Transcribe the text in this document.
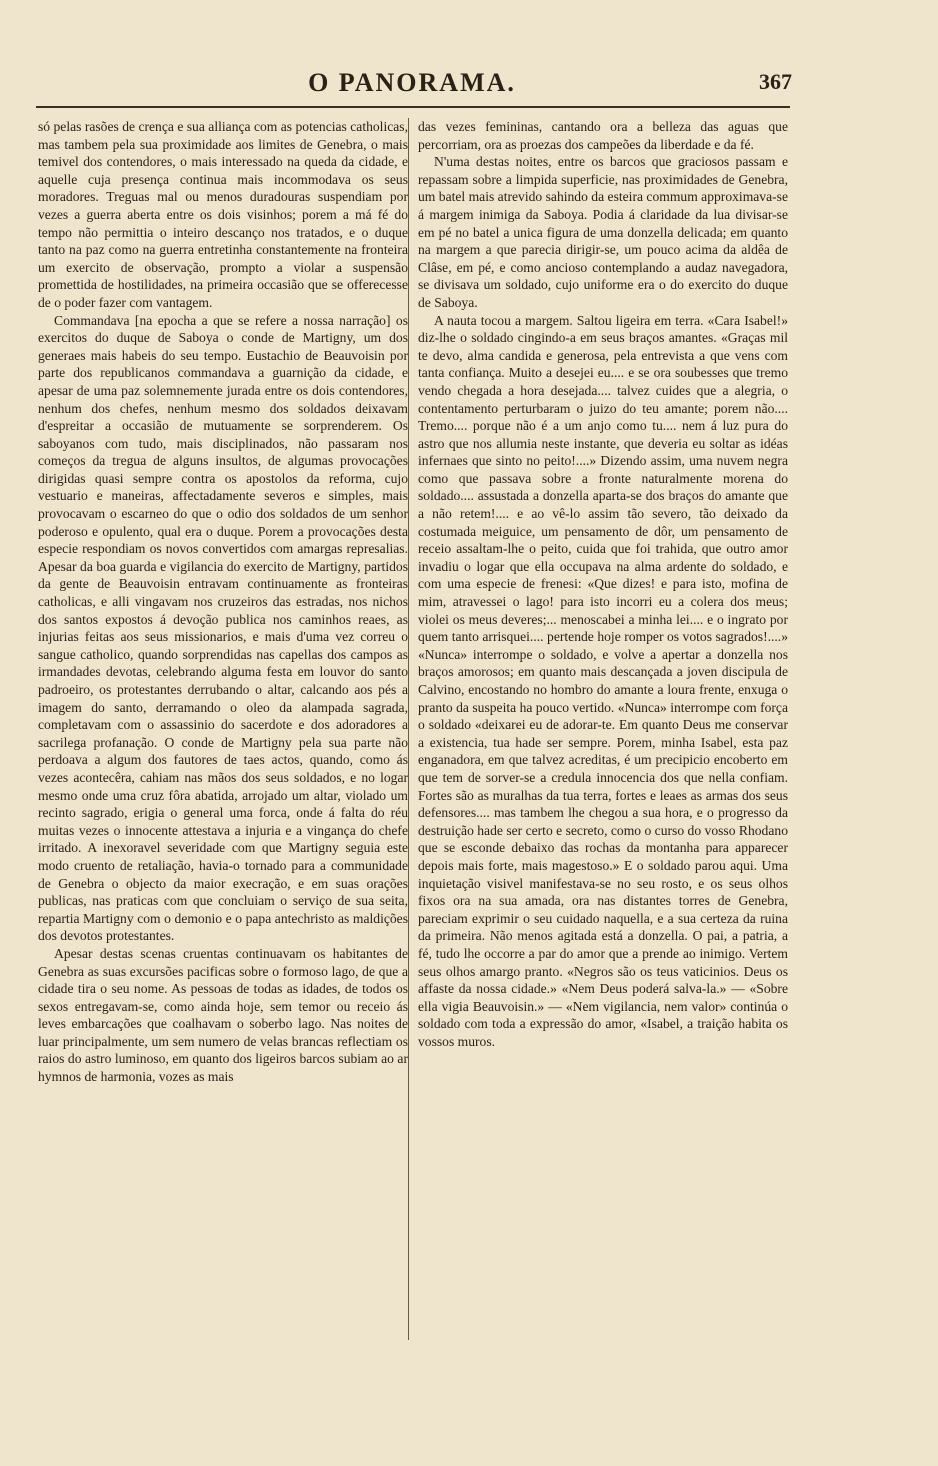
O PANORAMA.	367

só pelas rasões de crença e sua alliança com as potencias catholicas, mas tambem pela sua proximidade aos limites de Genebra, o mais temivel dos contendores, o mais interessado na queda da cidade, e aquelle cuja presença continua mais incommodava os seus moradores. Treguas mal ou menos duradouras suspendiam por vezes a guerra aberta entre os dois visinhos; porem a má fé do tempo não permittia o inteiro descanço nos tratados, e o duque tanto na paz como na guerra entretinha constantemente na fronteira um exercito de observação, prompto a violar a suspensão promettida de hostilidades, na primeira occasião que se offerecesse de o poder fazer com vantagem.

Commandava [na epocha a que se refere a nossa narração] os exercitos do duque de Saboya o conde de Martigny, um dos generaes mais habeis do seu tempo. Eustachio de Beauvoisin por parte dos republicanos commandava a guarnição da cidade, e apesar de uma paz solemnemente jurada entre os dois contendores, nenhum dos chefes, nenhum mesmo dos soldados deixavam d'espreitar a occasião de mutuamente se sorprenderem. Os saboyanos com tudo, mais disciplinados, não passaram nos começos da tregua de alguns insultos, de algumas provocações dirigidas quasi sempre contra os apostolos da reforma, cujo vestuario e maneiras, affectadamente severos e simples, mais provocavam o escarneo do que o odio dos soldados de um senhor poderoso e opulento, qual era o duque. Porem a provocações desta especie respondiam os novos convertidos com amargas represalias. Apesar da boa guarda e vigilancia do exercito de Martigny, partidos da gente de Beauvoisin entravam continuamente as fronteiras catholicas, e alli vingavam nos cruzeiros das estradas, nos nichos dos santos expostos á devoção publica nos caminhos reaes, as injurias feitas aos seus missionarios, e mais d'uma vez correu o sangue catholico, quando sorprendidas nas capellas dos campos as irmandades devotas, celebrando alguma festa em louvor do santo padroeiro, os protestantes derrubando o altar, calcando aos pés a imagem do santo, derramando o oleo da alampada sagrada, completavam com o assassinio do sacerdote e dos adoradores a sacrilega profanação. O conde de Martigny pela sua parte não perdoava a algum dos fautores de taes actos, quando, como ás vezes acontecêra, cahiam nas mãos dos seus soldados, e no logar mesmo onde uma cruz fôra abatida, arrojado um altar, violado um recinto sagrado, erigia o general uma forca, onde á falta do réu muitas vezes o innocente attestava a injuria e a vingança do chefe irritado. A inexoravel severidade com que Martigny seguia este modo cruento de retaliação, havia-o tornado para a communidade de Genebra o objecto da maior execração, e em suas orações publicas, nas praticas com que concluiam o serviço de sua seita, repartia Martigny com o demonio e o papa antechristo as maldições dos devotos protestantes.

Apesar destas scenas cruentas continuavam os habitantes de Genebra as suas excursões pacificas sobre o formoso lago, de que a cidade tira o seu nome. As pessoas de todas as idades, de todos os sexos entregavam-se, como ainda hoje, sem temor ou receio ás leves embarcações que coalhavam o soberbo lago. Nas noites de luar principalmente, um sem numero de velas brancas reflectiam os raios do astro luminoso, em quanto dos ligeiros barcos subiam ao ar hymnos de harmonia, vozes as mais

das vezes femininas, cantando ora a belleza das aguas que percorriam, ora as proezas dos campeões da liberdade e da fé.

N'uma destas noites, entre os barcos que graciosos passam e repassam sobre a limpida superficie, nas proximidades de Genebra, um batel mais atrevido sahindo da esteira commum approximava-se á margem inimiga da Saboya. Podia á claridade da lua divisar-se em pé no batel a unica figura de uma donzella delicada; em quanto na margem a que parecia dirigir-se, um pouco acima da aldêa de Clâse, em pé, e como ancioso contemplando a audaz navegadora, se divisava um soldado, cujo uniforme era o do exercito do duque de Saboya.

A nauta tocou a margem. Saltou ligeira em terra. «Cara Isabel!» diz-lhe o soldado cingindo-a em seus braços amantes. «Graças mil te devo, alma candida e generosa, pela entrevista a que vens com tanta confiança. Muito a desejei eu.... e se ora soubesses que tremo vendo chegada a hora desejada.... talvez cuides que a alegria, o contentamento perturbaram o juizo do teu amante; porem não.... Tremo.... porque não é a um anjo como tu.... nem á luz pura do astro que nos allumia neste instante, que deveria eu soltar as idéas infernaes que sinto no peito!....» Dizendo assim, uma nuvem negra como que passava sobre a fronte naturalmente morena do soldado.... assustada a donzella aparta-se dos braços do amante que a não retem!.... e ao vê-lo assim tão severo, tão deixado da costumada meiguice, um pensamento de dôr, um pensamento de receio assaltam-lhe o peito, cuida que foi trahida, que outro amor invadiu o logar que ella occupava na alma ardente do soldado, e com uma especie de frenesi: «Que dizes! e para isto, mofina de mim, atravessei o lago! para isto incorri eu a colera dos meus; violei os meus deveres;... menoscabei a minha lei.... e o ingrato por quem tanto arrisquei.... pertende hoje romper os votos sagrados!....» «Nunca» interrompe o soldado, e volve a apertar a donzella nos braços amorosos; em quanto mais descançada a joven discipula de Calvino, encostando no hombro do amante a loura frente, enxuga o pranto da suspeita ha pouco vertido. «Nunca» interrompe com força o soldado «deixarei eu de adorar-te. Em quanto Deus me conservar a existencia, tua hade ser sempre. Porem, minha Isabel, esta paz enganadora, em que talvez acreditas, é um precipicio encoberto em que tem de sorver-se a credula innocencia dos que nella confiam. Fortes são as muralhas da tua terra, fortes e leaes as armas dos seus defensores.... mas tambem lhe chegou a sua hora, e o progresso da destruição hade ser certo e secreto, como o curso do vosso Rhodano que se esconde debaixo das rochas da montanha para apparecer depois mais forte, mais magestoso.» E o soldado parou aqui. Uma inquietação visivel manifestava-se no seu rosto, e os seus olhos fixos ora na sua amada, ora nas distantes torres de Genebra, pareciam exprimir o seu cuidado naquella, e a sua certeza da ruina da primeira. Não menos agitada está a donzella. O pai, a patria, a fé, tudo lhe occorre a par do amor que a prende ao inimigo. Vertem seus olhos amargo pranto. «Negros são os teus vaticinios. Deus os affaste da nossa cidade.» «Nem Deus poderá salva-la.» — «Sobre ella vigia Beauvoisin.» — «Nem vigilancia, nem valor» continúa o soldado com toda a expressão do amor, «Isabel, a traição habita os vossos muros.
